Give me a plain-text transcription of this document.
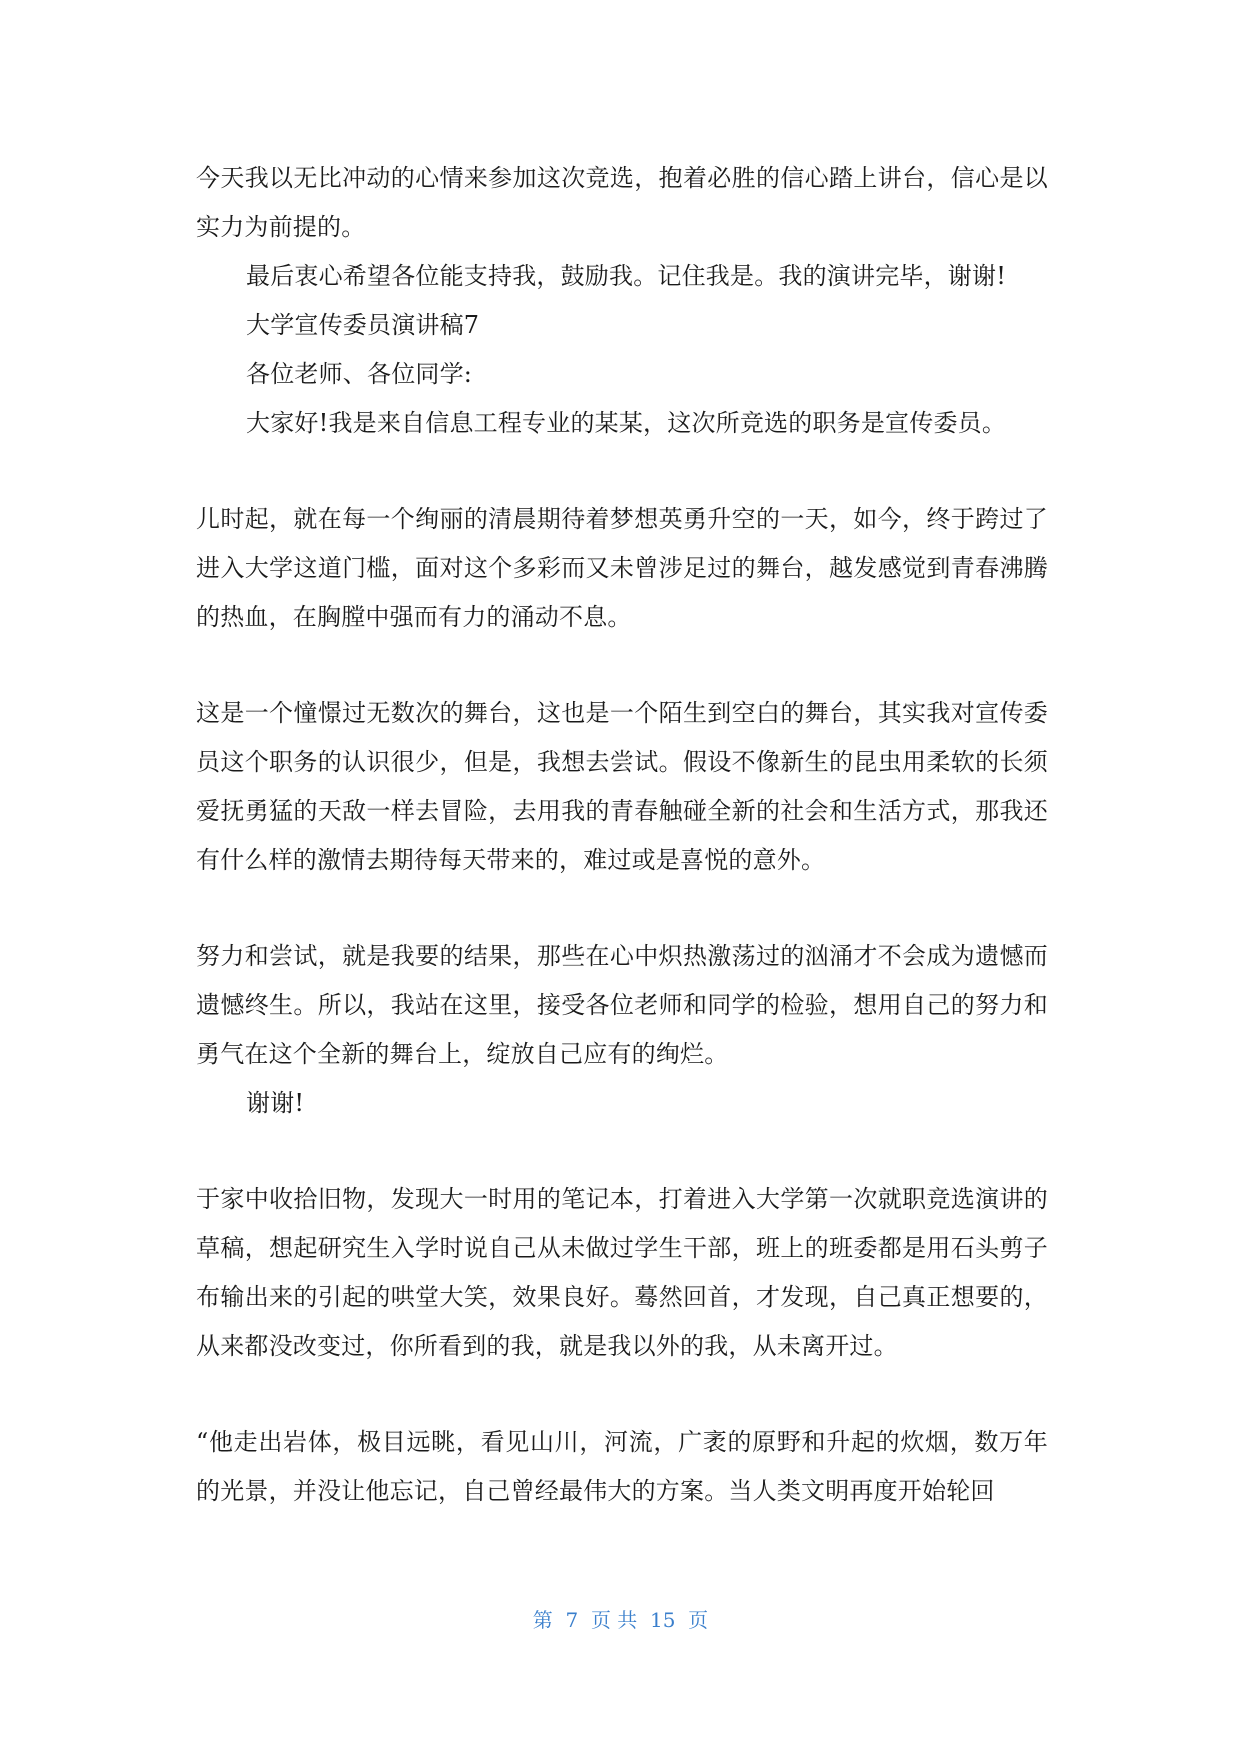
今天我以无比冲动的心情来参加这次竞选，抱着必胜的信心踏上讲台，信心是以实力为前提的。

最后衷心希望各位能支持我，鼓励我。记住我是。我的演讲完毕，谢谢!

大学宣传委员演讲稿7

各位老师、各位同学:

大家好!我是来自信息工程专业的某某，这次所竞选的职务是宣传委员。

儿时起，就在每一个绚丽的清晨期待着梦想英勇升空的一天，如今，终于跨过了进入大学这道门槛，面对这个多彩而又未曾涉足过的舞台，越发感觉到青春沸腾的热血，在胸膛中强而有力的涌动不息。

这是一个憧憬过无数次的舞台，这也是一个陌生到空白的舞台，其实我对宣传委员这个职务的认识很少，但是，我想去尝试。假设不像新生的昆虫用柔软的长须爱抚勇猛的天敌一样去冒险，去用我的青春触碰全新的社会和生活方式，那我还有什么样的激情去期待每天带来的，难过或是喜悦的意外。

努力和尝试，就是我要的结果，那些在心中炽热激荡过的汹涌才不会成为遗憾而遗憾终生。所以，我站在这里，接受各位老师和同学的检验，想用自己的努力和勇气在这个全新的舞台上，绽放自己应有的绚烂。

谢谢!

于家中收拾旧物，发现大一时用的笔记本，打着进入大学第一次就职竞选演讲的草稿，想起研究生入学时说自己从未做过学生干部，班上的班委都是用石头剪子布输出来的引起的哄堂大笑，效果良好。蓦然回首，才发现，自己真正想要的，从来都没改变过，你所看到的我，就是我以外的我，从未离开过。

“他走出岩体，极目远眺，看见山川，河流，广袤的原野和升起的炊烟，数万年的光景，并没让他忘记，自己曾经最伟大的方案。当人类文明再度开始轮回

第  7  页 共  15  页
